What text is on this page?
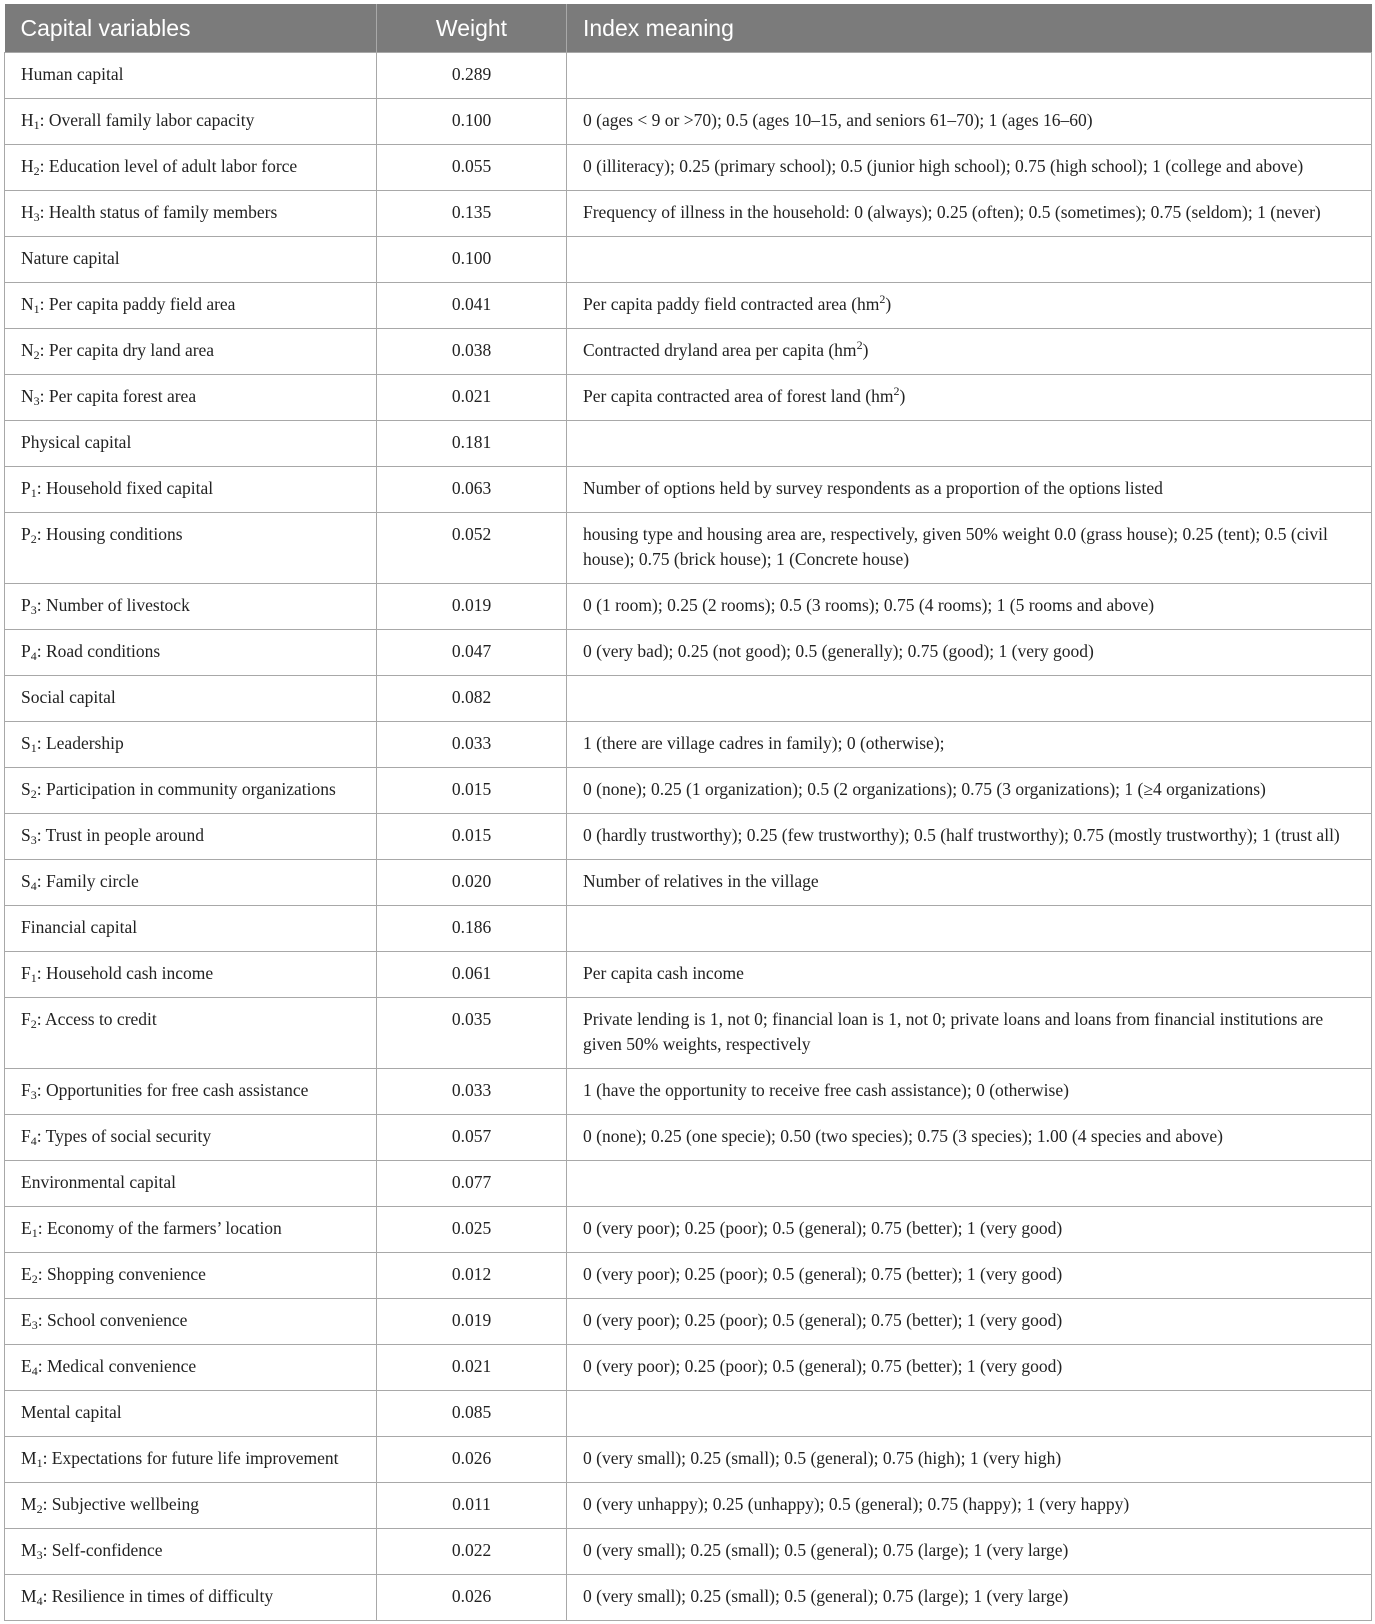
Capital variables	Weight	Index meaning
Human capital	0.289	
$H_1$: Overall family labor capacity	0.100	0 (ages < 9 or >70); 0.5 (ages 10–15, and seniors 61–70); 1 (ages 16–60)
$H_2$: Education level of adult labor force	0.055	0 (illiteracy); 0.25 (primary school); 0.5 (junior high school); 0.75 (high school); 1 (college and above)
$H_3$: Health status of family members	0.135	Frequency of illness in the household: 0 (always); 0.25 (often); 0.5 (sometimes); 0.75 (seldom); 1 (never)
Nature capital	0.100	
$N_1$: Per capita paddy field area	0.041	Per capita paddy field contracted area $(hm^2)$
$N_2$: Per capita dry land area	0.038	Contracted dryland area per capita $(hm^2)$
$N_3$: Per capita forest area	0.021	Per capita contracted area of forest land $(hm^2)$
Physical capital	0.181	
$P_1$: Household fixed capital	0.063	Number of options held by survey respondents as a proportion of the options listed
$P_2$: Housing conditions	0.052	housing type and housing area are, respectively, given 50% weight 0.0 (grass house); 0.25 (tent); 0.5 (civil house); 0.75 (brick house); 1 (Concrete house)
$P_3$: Number of livestock	0.019	0 (1 room); 0.25 (2 rooms); 0.5 (3 rooms); 0.75 (4 rooms); 1 (5 rooms and above)
$P_4$: Road conditions	0.047	0 (very bad); 0.25 (not good); 0.5 (generally); 0.75 (good); 1 (very good)
Social capital	0.082	
$S_1$: Leadership	0.033	1 (there are village cadres in family); 0 (otherwise);
$S_2$: Participation in community organizations	0.015	0 (none); 0.25 (1 organization); 0.5 (2 organizations); 0.75 (3 organizations); 1 (≥4 organizations)
$S_3$: Trust in people around	0.015	0 (hardly trustworthy); 0.25 (few trustworthy); 0.5 (half trustworthy); 0.75 (mostly trustworthy); 1 (trust all)
$S_4$: Family circle	0.020	Number of relatives in the village
Financial capital	0.186	
$F_1$: Household cash income	0.061	Per capita cash income
$F_2$: Access to credit	0.035	Private lending is 1, not 0; financial loan is 1, not 0; private loans and loans from financial institutions are given 50% weights, respectively
$F_3$: Opportunities for free cash assistance	0.033	1 (have the opportunity to receive free cash assistance); 0 (otherwise)
$F_4$: Types of social security	0.057	0 (none); 0.25 (one specie); 0.50 (two species); 0.75 (3 species); 1.00 (4 species and above)
Environmental capital	0.077	
$E_1$: Economy of the farmers’ location	0.025	0 (very poor); 0.25 (poor); 0.5 (general); 0.75 (better); 1 (very good)
$E_2$: Shopping convenience	0.012	0 (very poor); 0.25 (poor); 0.5 (general); 0.75 (better); 1 (very good)
$E_3$: School convenience	0.019	0 (very poor); 0.25 (poor); 0.5 (general); 0.75 (better); 1 (very good)
$E_4$: Medical convenience	0.021	0 (very poor); 0.25 (poor); 0.5 (general); 0.75 (better); 1 (very good)
Mental capital	0.085	
$M_1$: Expectations for future life improvement	0.026	0 (very small); 0.25 (small); 0.5 (general); 0.75 (high); 1 (very high)
$M_2$: Subjective wellbeing	0.011	0 (very unhappy); 0.25 (unhappy); 0.5 (general); 0.75 (happy); 1 (very happy)
$M_3$: Self-confidence	0.022	0 (very small); 0.25 (small); 0.5 (general); 0.75 (large); 1 (very large)
$M_4$: Resilience in times of difficulty	0.026	0 (very small); 0.25 (small); 0.5 (general); 0.75 (large); 1 (very large)
